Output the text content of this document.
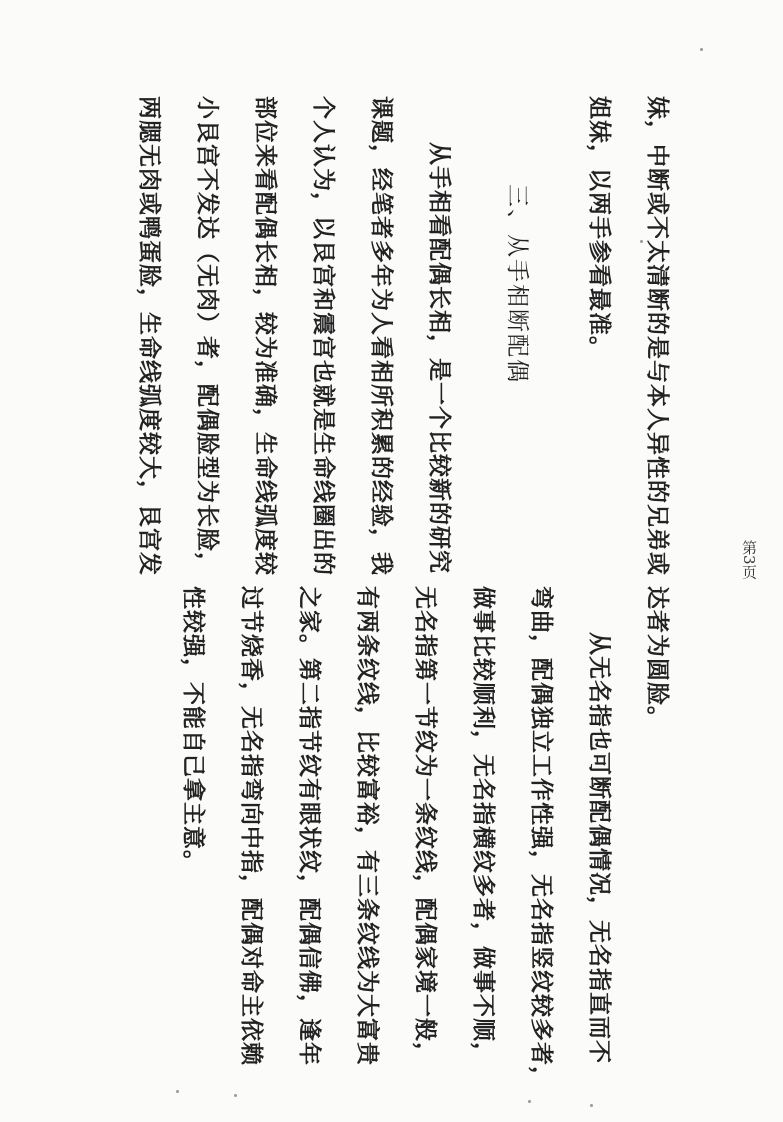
妹，中断或不太清断的是与本人异性的兄弟或
姐妹，以两手参看最准。
三、从手相断配偶
从手相看配偶长相，是一个比较新的研究
课题，经笔者多年为人看相所积累的经验，我
个人认为，以艮宫和震宫也就是生命线圈出的
部位来看配偶长相，较为准确，生命线弧度较
小艮宫不发达（无肉）者，配偶脸型为长脸，
两腮无肉或鸭蛋脸，生命线弧度较大，艮宫发
达者为圆脸。
从无名指也可断配偶情况，无名指直而不
弯曲，配偶独立工作性强，无名指竖纹较多者，
做事比较顺利，无名指横纹多者，做事不顺，
无名指第一节纹为一条纹线，配偶家境一般，
有两条纹线，比较富裕，有三条纹线为大富贵
之家。第二指节纹有眼状纹，配偶信佛，逢年
过节烧香，无名指弯向中指，配偶对命主依赖
性较强，不能自己拿主意。
第3页
